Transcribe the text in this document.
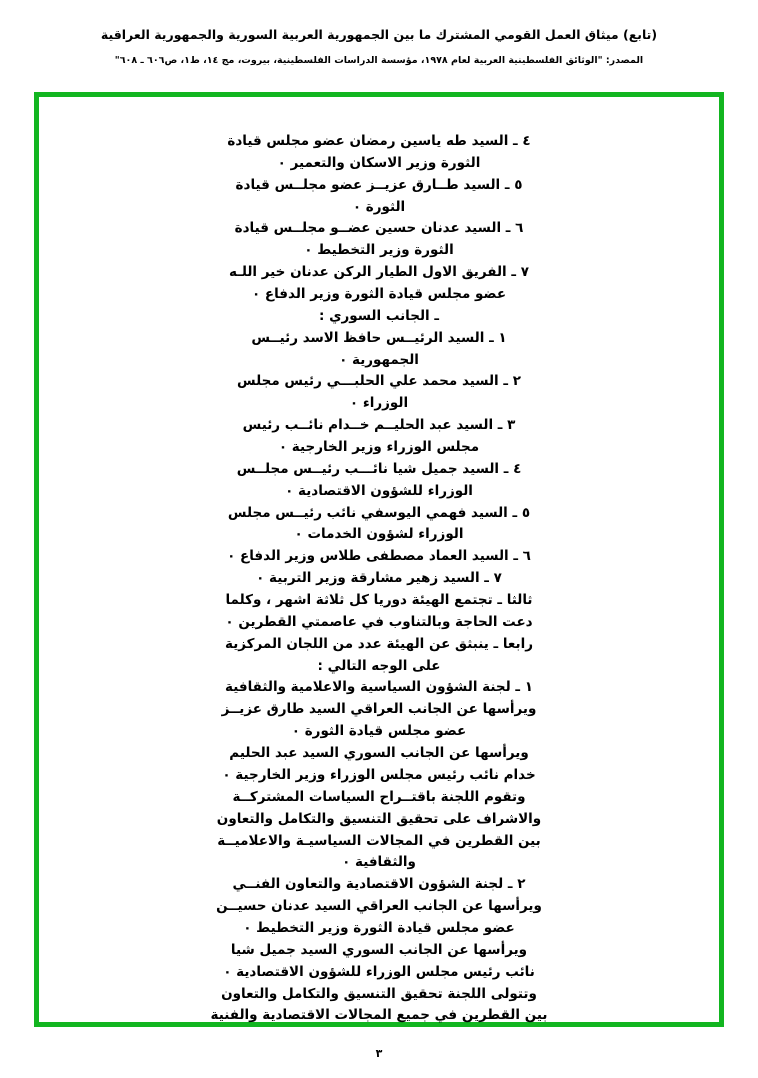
(تابع) ميثاق العمل القومي المشترك ما بين الجمهورية العربية السورية والجمهورية العراقية
المصدر: "الوثائق الفلسطينية العربية لعام ١٩٧٨، مؤسسة الدراسات الفلسطينية، بيروت، مج ١٤، ط١، ص٦٠٦ ـ ٦٠٨"

٤ ـ السيد طه ياسين رمضان عضو مجلس قيادة

الثورة وزير الاسكان والتعمير ٠

٥ ـ السيد طــارق عزيــز عضو مجلــس قيادة

الثورة ٠

٦ ـ السيد عدنان حسين عضــو مجلــس قيادة

الثورة وزير التخطيط ٠

٧ ـ الفريق الاول الطيار الركن عدنان خير اللـه

عضو مجلس قيادة الثورة وزير الدفاع ٠

ـ الجانب السوري :

١ ـ السيد الرئيــس حافظ الاسد رئيــس

الجمهورية ٠

٢ ـ السيد محمد علي الحلبـــي رئيس مجلس

الوزراء ٠

٣ ـ السيد عبد الحليــم خــدام نائــب رئيس

مجلس الوزراء وزير الخارجية ٠

٤ ـ السيد جميل شيا نائـــب رئيــس مجلــس

الوزراء للشؤون الاقتصادية ٠

٥ ـ السيد فهمي اليوسفي نائب رئيــس مجلس

الوزراء لشؤون الخدمات ٠

٦ ـ السيد العماد مصطفى طلاس وزير الدفاع ٠

٧ ـ السيد زهير مشارقة وزير التربية ٠

ثالثا ـ تجتمع الهيئة دوريا كل ثلاثة اشهر ، وكلما

دعت الحاجة وبالتناوب في عاصمتي القطرين ٠

رابعا ـ ينبثق عن الهيئة عدد من اللجان المركزية

على الوجه التالي :

١ ـ لجنة الشؤون السياسية والاعلامية والثقافية

ويرأسها عن الجانب العراقي السيد طارق عزيــز

عضو مجلس قيادة الثورة ٠

ويرأسها عن الجانب السوري السيد عبد الحليم

خدام نائب رئيس مجلس الوزراء وزير الخارجية ٠

وتقوم اللجنة باقتــراح السياسات المشتركــة

والاشراف على تحقيق التنسيق والتكامل والتعاون

بين القطرين في المجالات السياسيـة والاعلاميــة

والثقافية ٠

٢ ـ لجنة الشؤون الاقتصادية والتعاون الفنــي

ويرأسها عن الجانب العراقي السيد عدنان حسيــن

عضو مجلس قيادة الثورة وزير التخطيط ٠

ويرأسها عن الجانب السوري السيد جميل شيا

نائب رئيس مجلس الوزراء للشؤون الاقتصادية ٠

وتتولى اللجنة تحقيق التنسيق والتكامل والتعاون

بين القطرين في جميع المجالات الاقتصادية والفنية

٣
